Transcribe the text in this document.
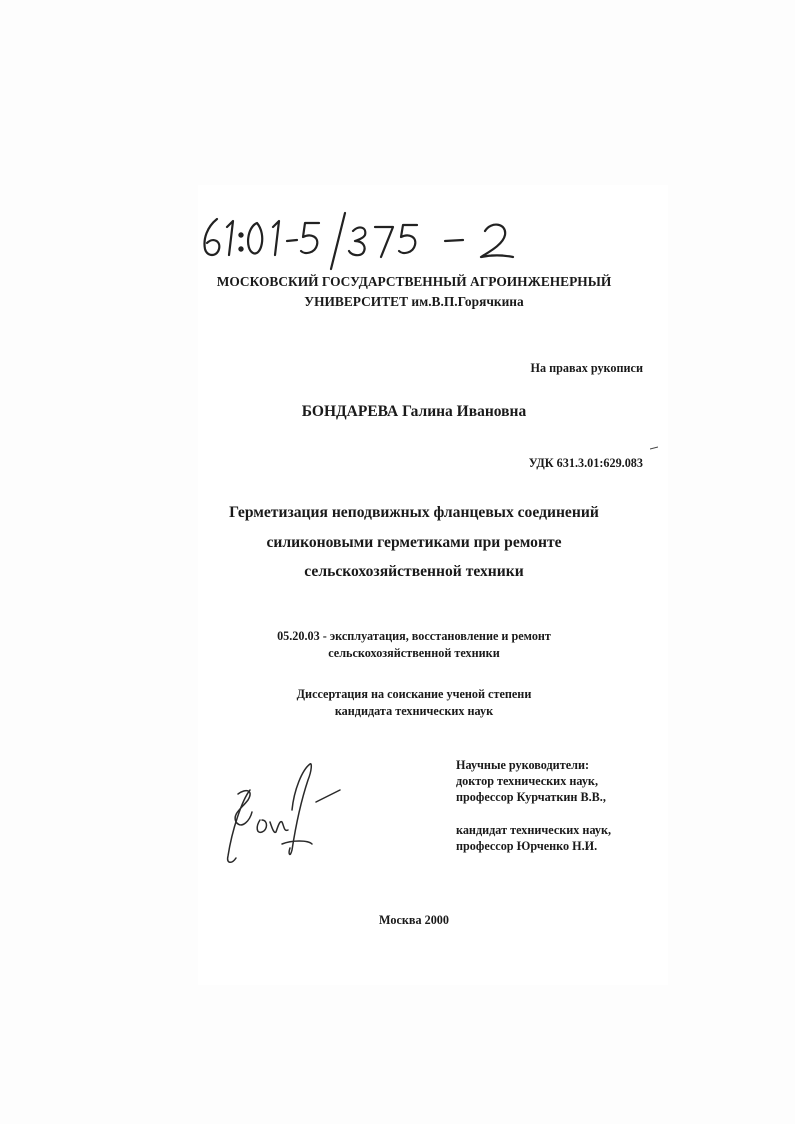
МОСКОВСКИЙ ГОСУДАРСТВЕННЫЙ АГРОИНЖЕНЕРНЫЙ
УНИВЕРСИТЕТ им.В.П.Горячкина
На правах рукописи
БОНДАРЕВА Галина Ивановна
УДК 631.3.01:629.083
Герметизация неподвижных фланцевых соединений
силиконовыми герметиками при ремонте
сельскохозяйственной техники
05.20.03 - эксплуатация, восстановление и ремонт
сельскохозяйственной техники
Диссертация на соискание ученой степени
кандидата технических наук
Научные руководители:
доктор технических наук,
профессор Курчаткин В.В.,
кандидат технических наук,
профессор Юрченко Н.И.
Москва 2000
